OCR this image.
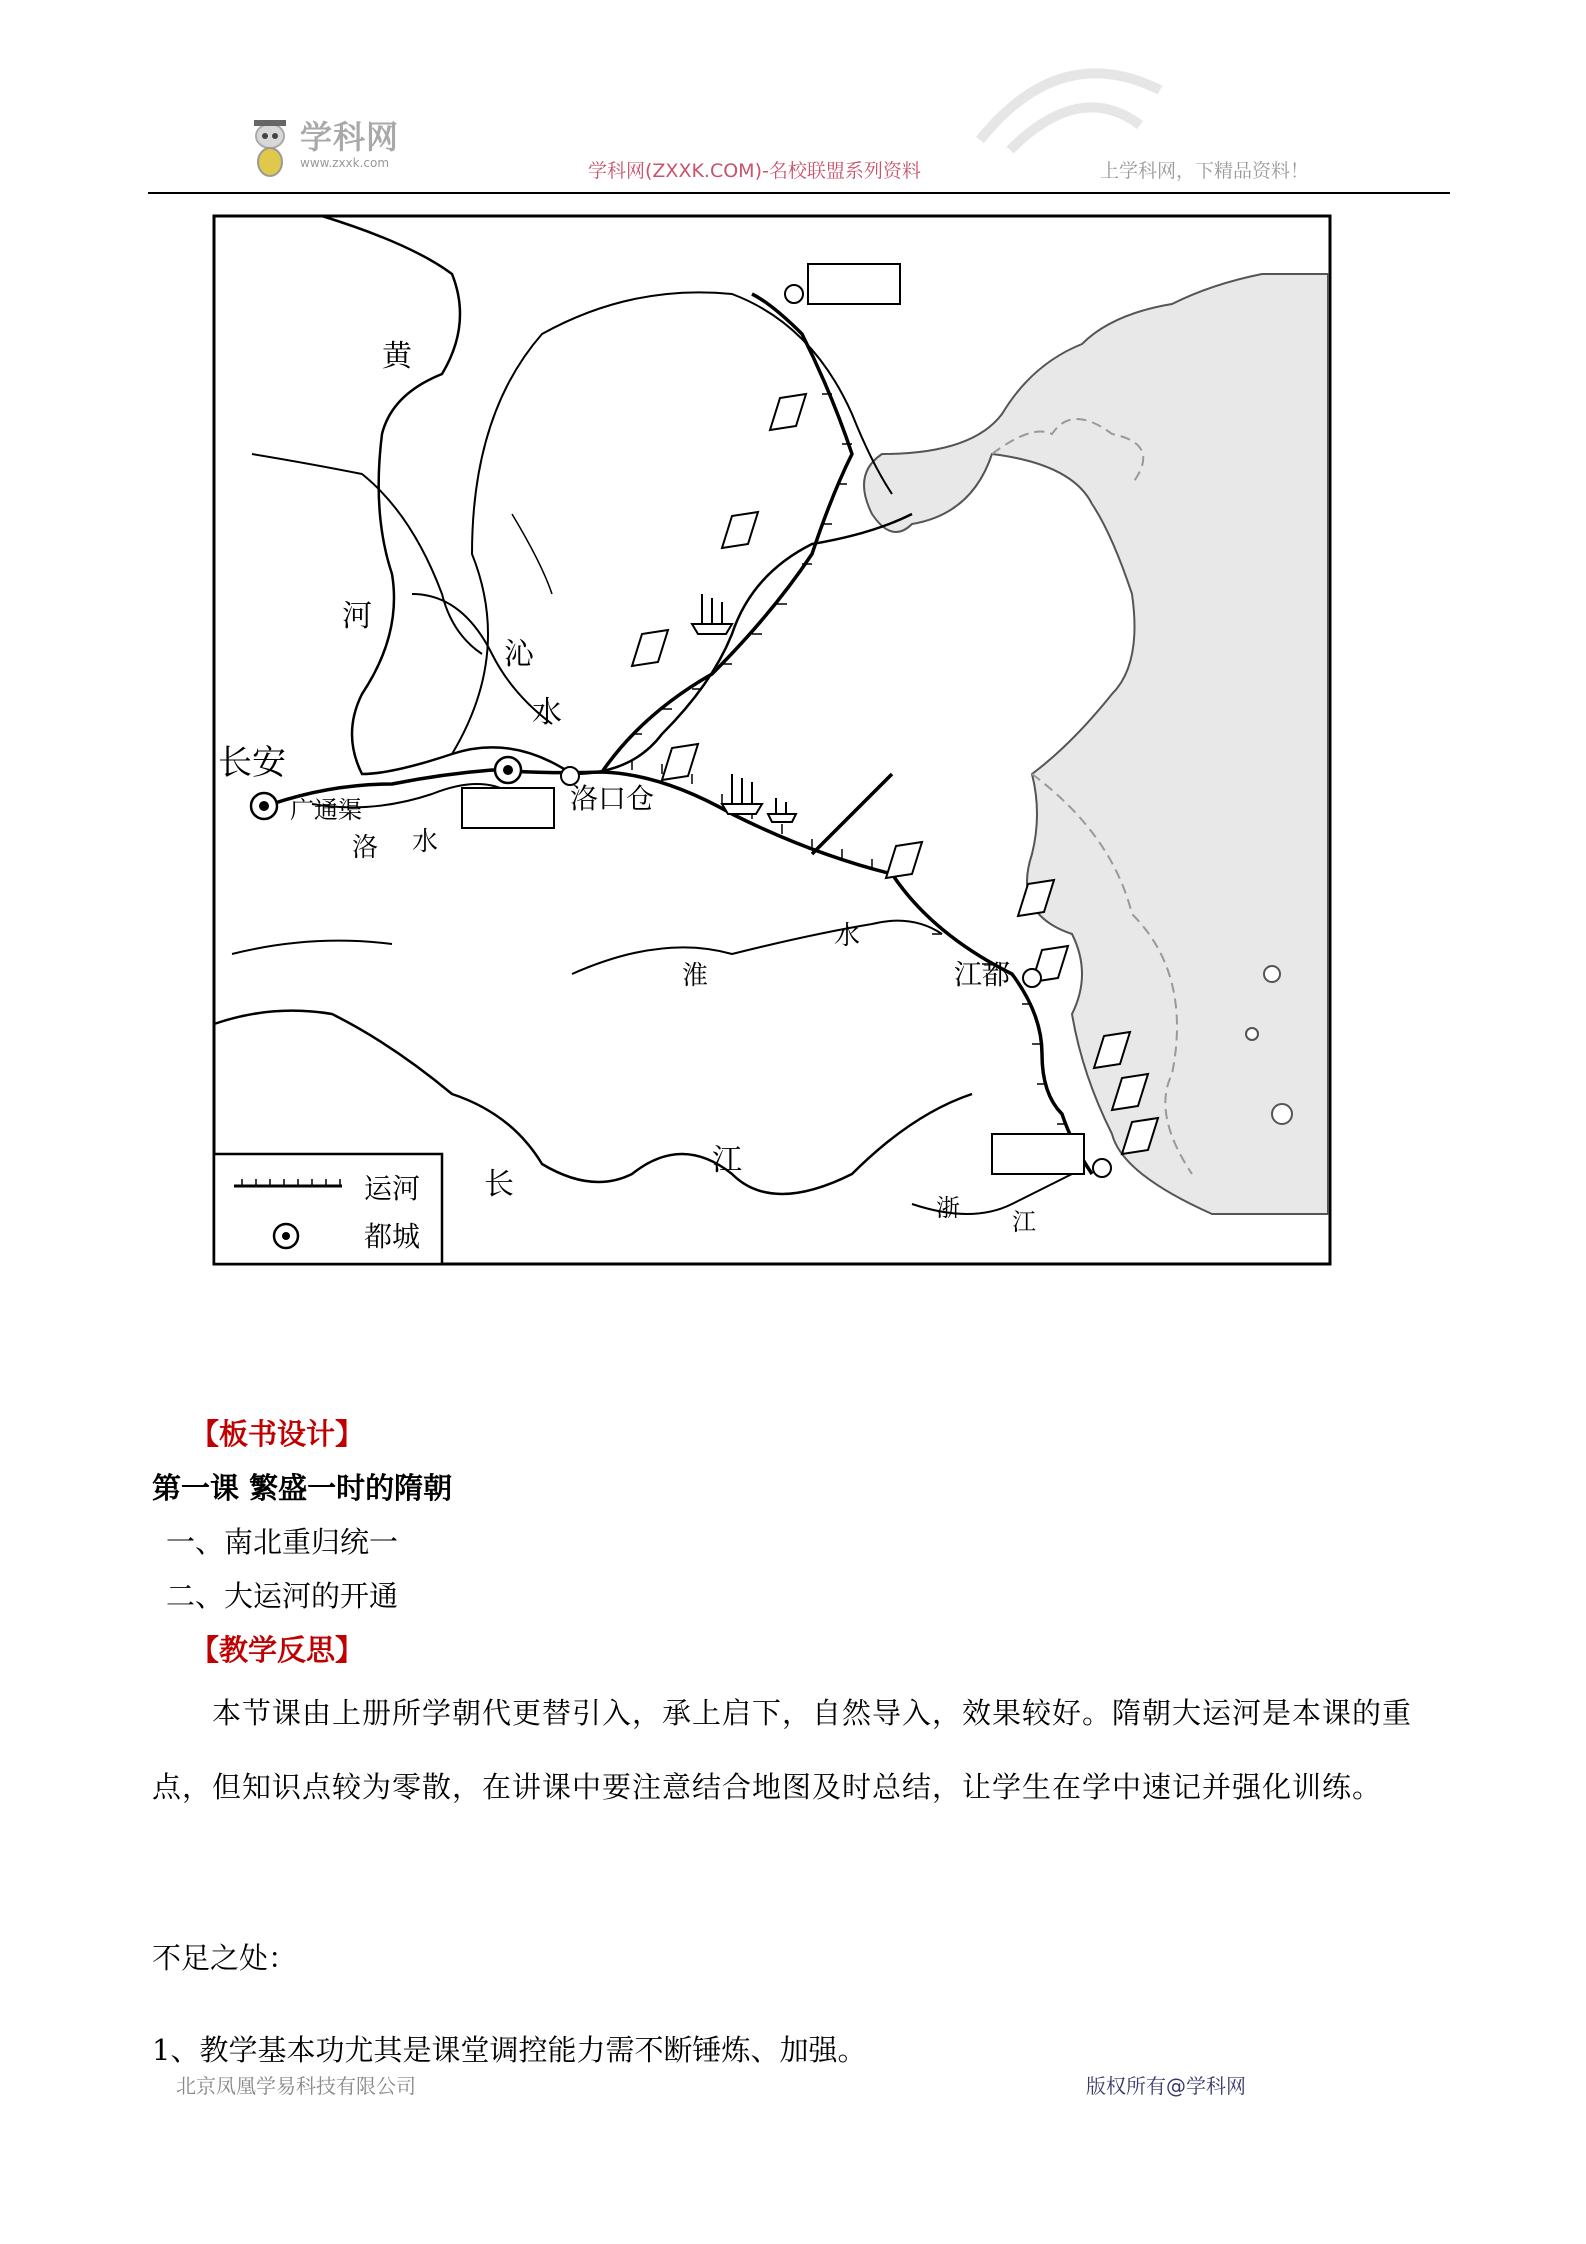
学科网
www.zxxk.com	学科网(ZXXK.COM)-名校联盟系列资料	上学科网，下精品资料！
黄
河
沁
水
长安
广通渠
洛 水
洛口仓
淮
水
江都
长
江
浙 江
运河
都城
【板书设计】
第一课 繁盛一时的隋朝
一、南北重归统一
二、大运河的开通
【教学反思】
本节课由上册所学朝代更替引入，承上启下，自然导入，效果较好。隋朝大运河是本课的重点，但知识点较为零散，在讲课中要注意结合地图及时总结，让学生在学中速记并强化训练。
不足之处：
1、教学基本功尤其是课堂调控能力需不断锤炼、加强。
北京凤凰学易科技有限公司	版权所有@学科网
